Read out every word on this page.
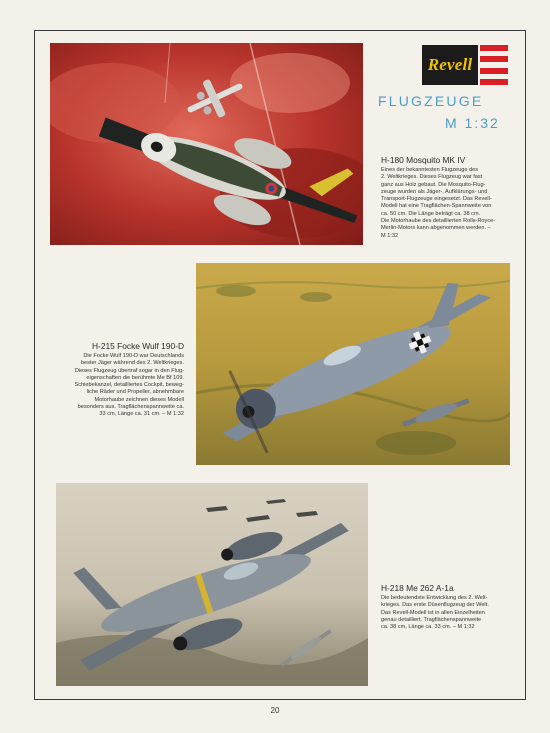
Revell
FLUGZEUGE
M 1:32

H-180 Mosquito MK IV

Eines der bekanntesten Flugzeuge des
2. Weltkrieges. Dieses Flugzeug war fast
ganz aus Holz gebaut. Die Mosquito-Flug-
zeuge wurden als Jäger-, Aufklärungs- und
Transport-Flugzeuge eingesetzt. Das Revell-
Modell hat eine Tragflächen-Spannweite von
ca. 50 cm. Die Länge beträgt ca. 38 cm.
Die Motorhaube des detaillierten Rolls-Royce-
Merlin-Motors kann abgenommen werden. –
M 1:32

H-215 Focke Wulf 190-D

Die Focke Wulf 190-D war Deutschlands
bester Jäger während des 2. Weltkrieges.
Dieses Flugzeug übertraf sogar in den Flug-
eigenschaften die berühmte Me Bf 109.
Schiebekanzel, detailliertes Cockpit, beweg-
liche Räder und Propeller, abnehmbare
Motorhaube zeichnen dieses Modell
besonders aus. Tragflächenspannweite ca.
33 cm, Länge ca. 31 cm. – M 1:32

H-218 Me 262 A-1a

Die bedeutendste Entwicklung des 2. Welt-
krieges. Das erste Düsenflugzeug der Welt.
Das Revell-Modell ist in allen Einzelheiten
genau detailliert. Tragflächenspannweite
ca. 38 cm, Länge ca. 33 cm. – M 1:32

20
